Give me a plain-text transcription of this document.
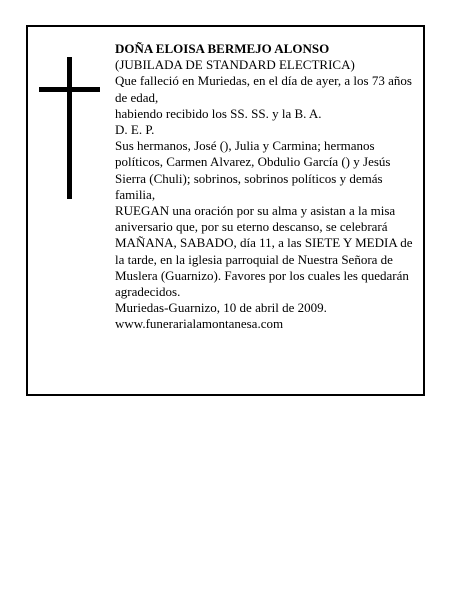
DOÑA ELOISA BERMEJO ALONSO
(JUBILADA DE STANDARD ELECTRICA)
Que falleció en Muriedas, en el día de ayer, a los 73 años de edad,
habiendo recibido los SS. SS. y la B. A.
D. E. P.
Sus hermanos, José (), Julia y Carmina; hermanos políticos, Carmen Alvarez, Obdulio García () y Jesús Sierra (Chuli); sobrinos, sobrinos políticos y demás familia,
RUEGAN una oración por su alma y asistan a la misa aniversario que, por su eterno descanso, se celebrará MAÑANA, SABADO, día 11, a las SIETE Y MEDIA de la tarde, en la iglesia parroquial de Nuestra Señora de Muslera (Guarnizo). Favores por los cuales les quedarán agradecidos.
Muriedas-Guarnizo, 10 de abril de 2009.
www.funerarialamontanesa.com
